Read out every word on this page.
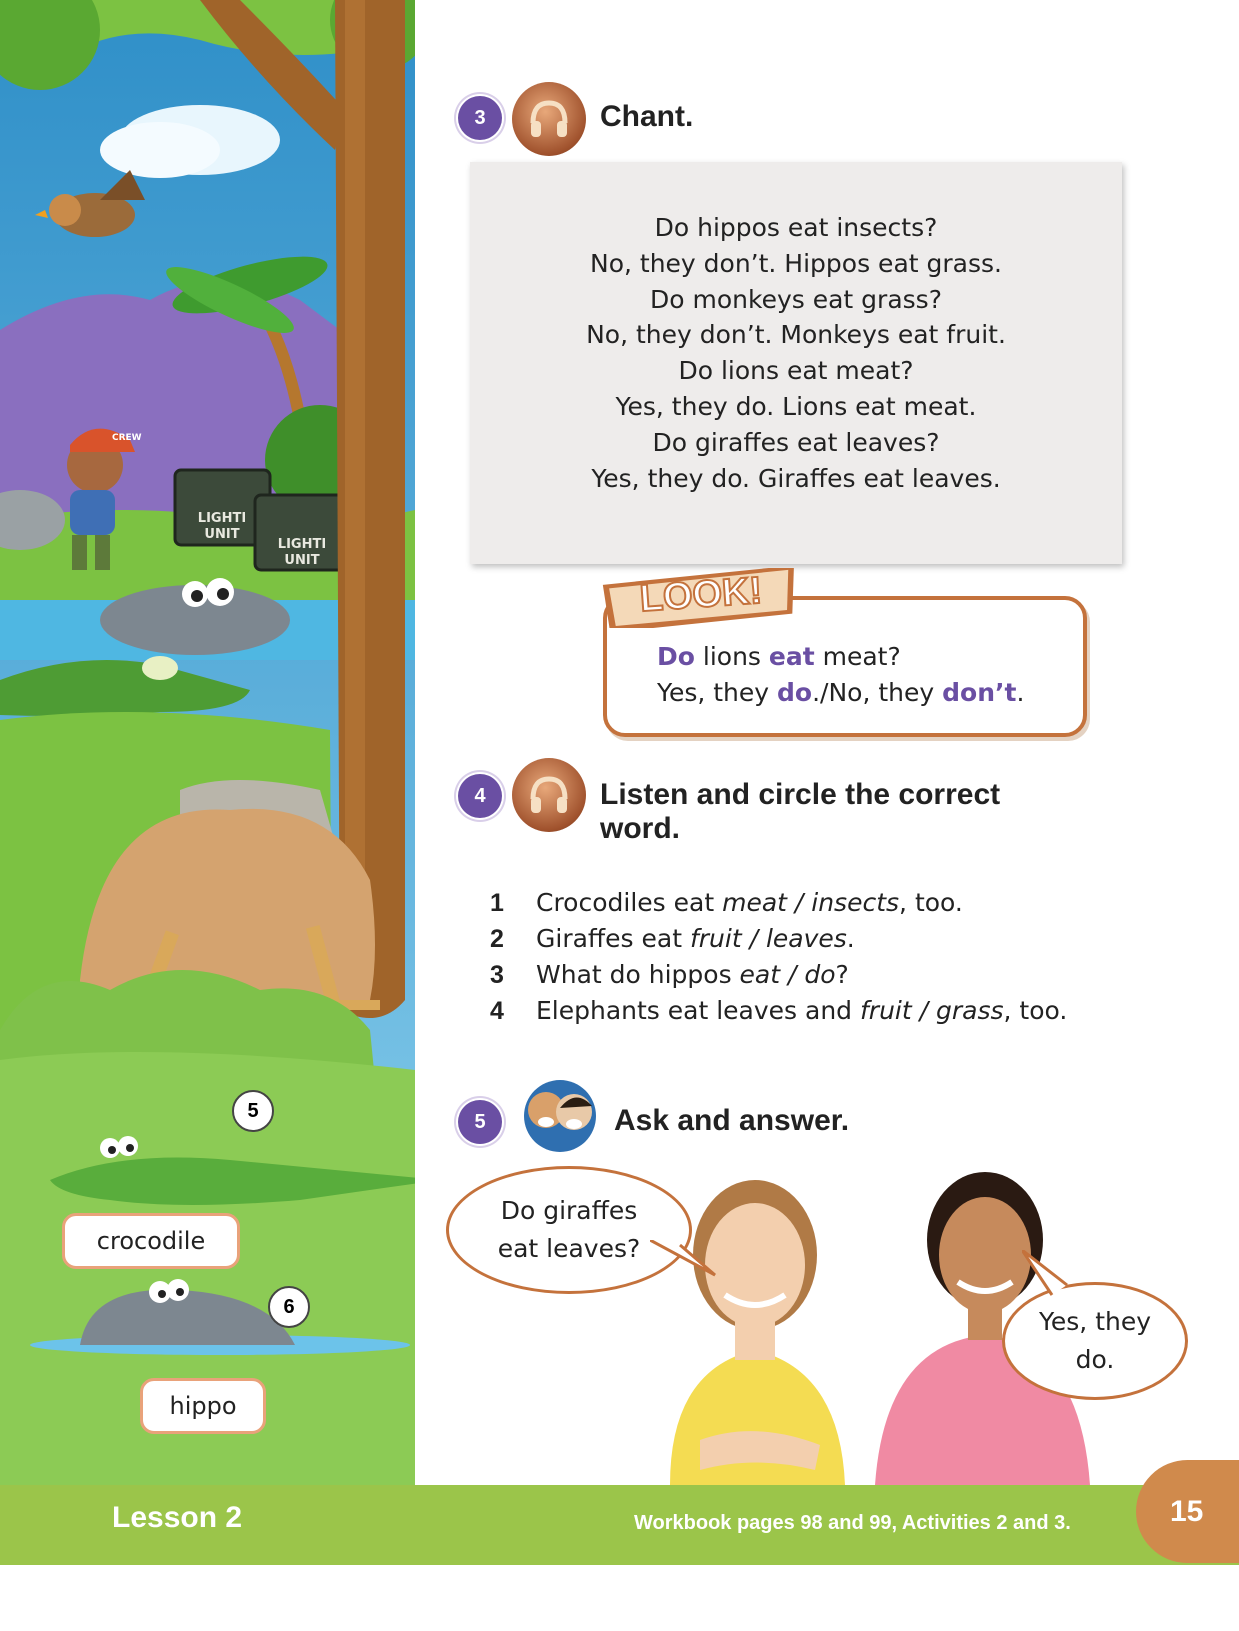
LIGHTI
UNIT
LIGHTI
UNIT
CREW
5
crocodile
6
hippo
3	Chant.
Do hippos eat insects?
No, they don’t. Hippos eat grass.
Do monkeys eat grass?
No, they don’t. Monkeys eat fruit.
Do lions eat meat?
Yes, they do. Lions eat meat.
Do giraffes eat leaves?
Yes, they do. Giraffes eat leaves.
Do lions eat meat?
Yes, they do./No, they don’t.
LOOK!
4	Listen and circle the correct
word.
1 Crocodiles eat meat / insects, too.
2 Giraffes eat fruit / leaves.
3 What do hippos eat / do?
4 Elephants eat leaves and fruit / grass, too.
5	Ask and answer.
Do giraffes
eat leaves?
Yes, they
do.
Lesson 2	Workbook pages 98 and 99, Activities 2 and 3.	15
